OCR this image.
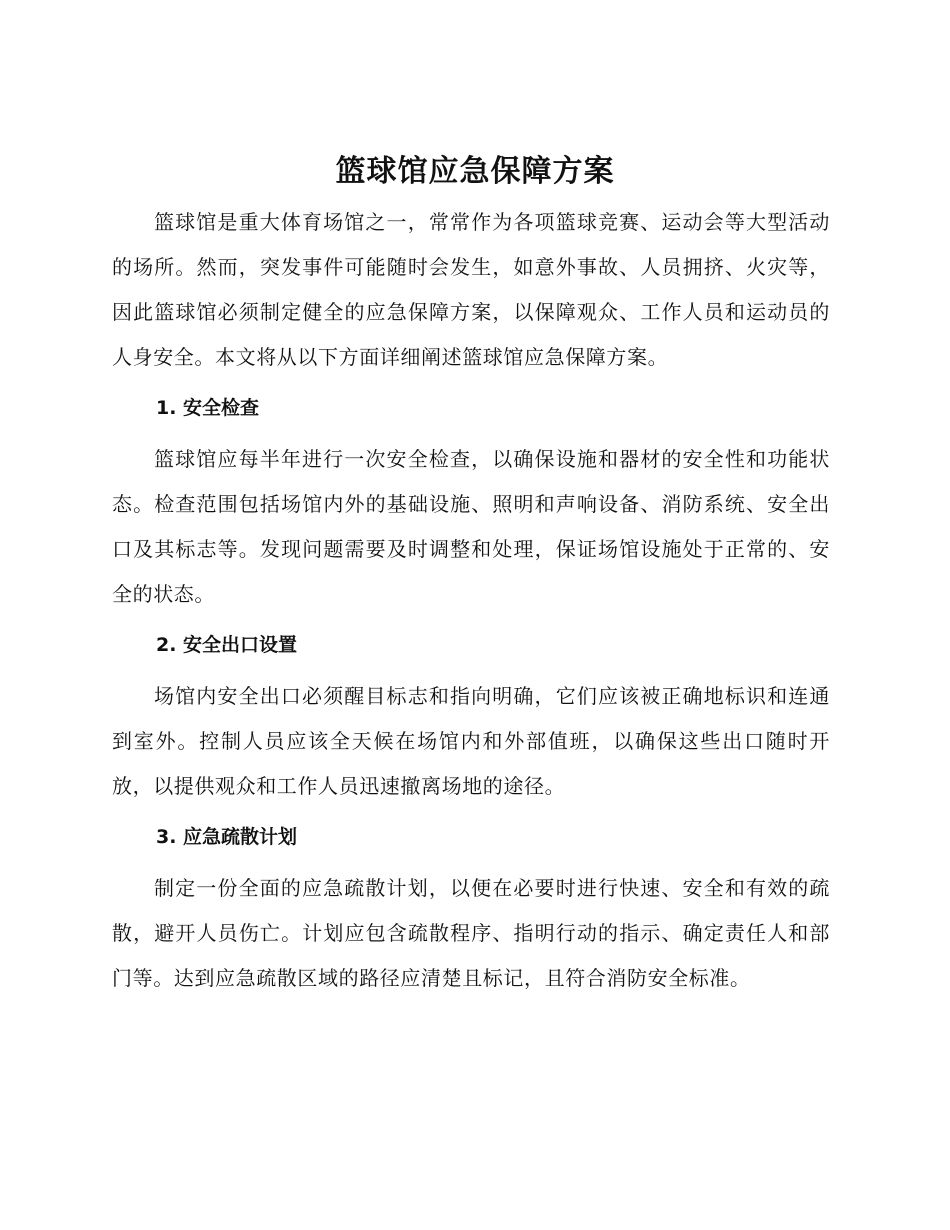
篮球馆应急保障方案

篮球馆是重大体育场馆之一，常常作为各项篮球竞赛、运动会等大型活动的场所。然而，突发事件可能随时会发生，如意外事故、人员拥挤、火灾等，因此篮球馆必须制定健全的应急保障方案，以保障观众、工作人员和运动员的人身安全。本文将从以下方面详细阐述篮球馆应急保障方案。

1. 安全检查

篮球馆应每半年进行一次安全检查，以确保设施和器材的安全性和功能状态。检查范围包括场馆内外的基础设施、照明和声响设备、消防系统、安全出口及其标志等。发现问题需要及时调整和处理，保证场馆设施处于正常的、安全的状态。

2. 安全出口设置

场馆内安全出口必须醒目标志和指向明确，它们应该被正确地标识和连通到室外。控制人员应该全天候在场馆内和外部值班，以确保这些出口随时开放，以提供观众和工作人员迅速撤离场地的途径。

3. 应急疏散计划

制定一份全面的应急疏散计划，以便在必要时进行快速、安全和有效的疏散，避开人员伤亡。计划应包含疏散程序、指明行动的指示、确定责任人和部门等。达到应急疏散区域的路径应清楚且标记，且符合消防安全标准。
